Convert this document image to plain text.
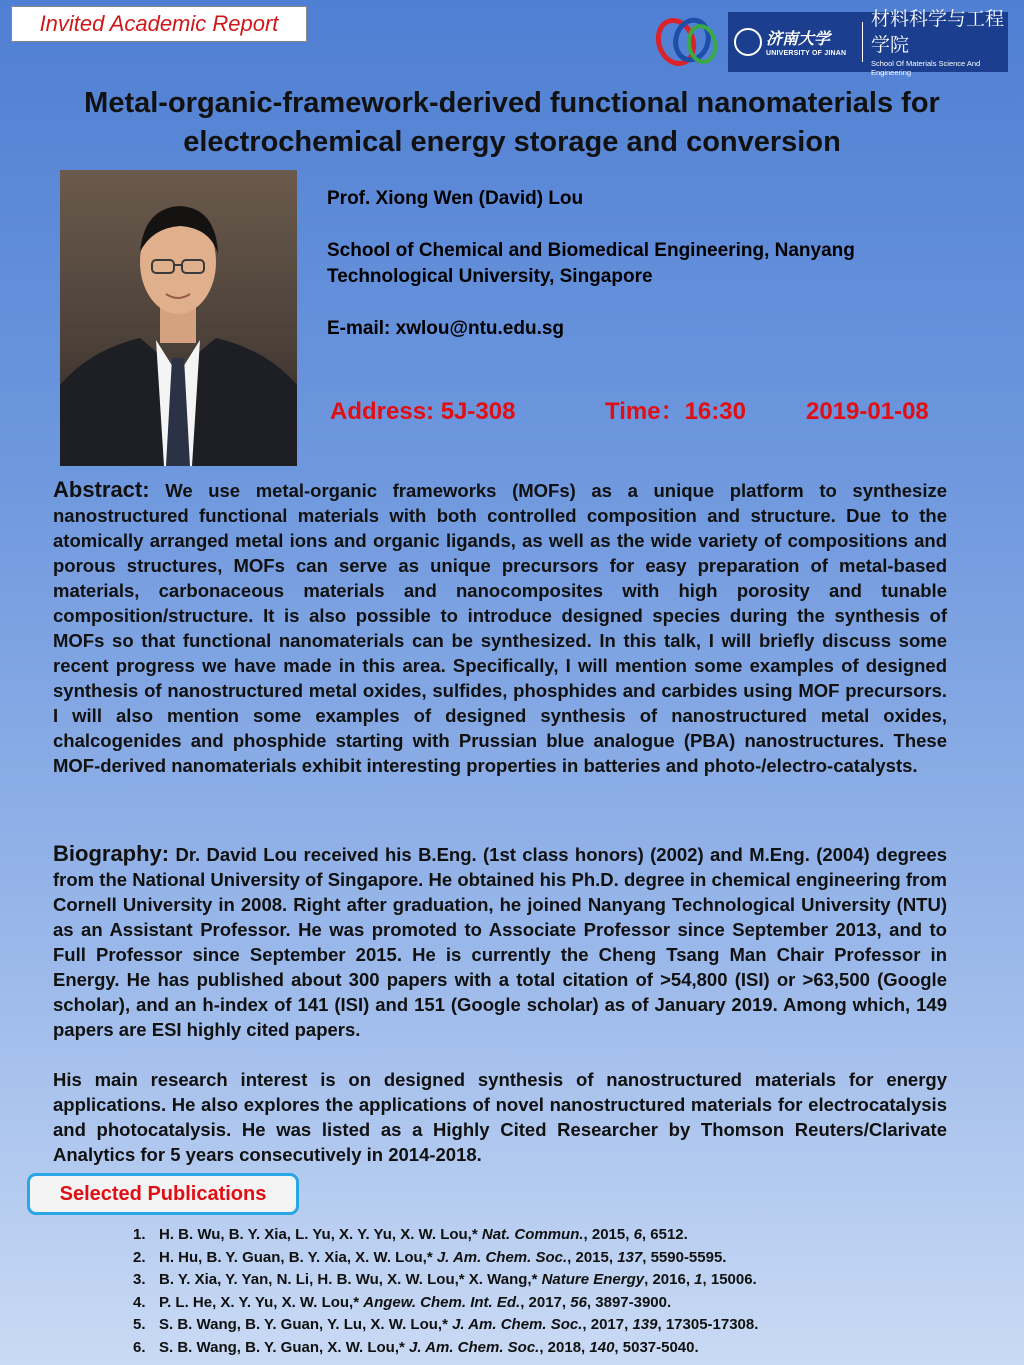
Invited Academic Report
济南大学
UNIVERSITY OF JINAN
材料科学与工程学院
School Of Materials Science And Engineering
Metal-organic-framework-derived functional nanomaterials for
electrochemical energy storage and conversion
Prof. Xiong Wen (David) Lou
School of Chemical and Biomedical Engineering, Nanyang
Technological University, Singapore
E-mail: xwlou@ntu.edu.sg
Address: 5J-308	Time：16:30	2019-01-08
Abstract: We use metal-organic frameworks (MOFs) as a unique platform to synthesize nanostructured functional materials with both controlled composition and structure. Due to the atomically arranged metal ions and organic ligands, as well as the wide variety of compositions and porous structures, MOFs can serve as unique precursors for easy preparation of metal-based materials, carbonaceous materials and nanocomposites with high porosity and tunable composition/structure. It is also possible to introduce designed species during the synthesis of MOFs so that functional nanomaterials can be synthesized. In this talk, I will briefly discuss some recent progress we have made in this area. Specifically, I will mention some examples of designed synthesis of nanostructured metal oxides, sulfides, phosphides and carbides using MOF precursors. I will also mention some examples of designed synthesis of nanostructured metal oxides, chalcogenides and phosphide starting with Prussian blue analogue (PBA) nanostructures. These MOF-derived nanomaterials exhibit interesting properties in batteries and photo-/electro-catalysts.
Biography: Dr. David Lou received his B.Eng. (1st class honors) (2002) and M.Eng. (2004) degrees from the National University of Singapore. He obtained his Ph.D. degree in chemical engineering from Cornell University in 2008. Right after graduation, he joined Nanyang Technological University (NTU) as an Assistant Professor. He was promoted to Associate Professor since September 2013, and to Full Professor since September 2015. He is currently the Cheng Tsang Man Chair Professor in Energy. He has published about 300 papers with a total citation of >54,800 (ISI) or >63,500 (Google scholar), and an h-index of 141 (ISI) and 151 (Google scholar) as of January 2019. Among which, 149 papers are ESI highly cited papers.
His main research interest is on designed synthesis of nanostructured materials for energy applications. He also explores the applications of novel nanostructured materials for electrocatalysis and photocatalysis. He was listed as a Highly Cited Researcher by Thomson Reuters/Clarivate Analytics for 5 years consecutively in 2014-2018.
Selected Publications
1. H. B. Wu, B. Y. Xia, L. Yu, X. Y. Yu, X. W. Lou,* Nat. Commun., 2015, 6, 6512.
2. H. Hu, B. Y. Guan, B. Y. Xia, X. W. Lou,* J. Am. Chem. Soc., 2015, 137, 5590-5595.
3. B. Y. Xia, Y. Yan, N. Li, H. B. Wu, X. W. Lou,* X. Wang,* Nature Energy, 2016, 1, 15006.
4. P. L. He, X. Y. Yu, X. W. Lou,* Angew. Chem. Int. Ed., 2017, 56, 3897-3900.
5. S. B. Wang, B. Y. Guan, Y. Lu, X. W. Lou,* J. Am. Chem. Soc., 2017, 139, 17305-17308.
6. S. B. Wang, B. Y. Guan, X. W. Lou,* J. Am. Chem. Soc., 2018, 140, 5037-5040.
